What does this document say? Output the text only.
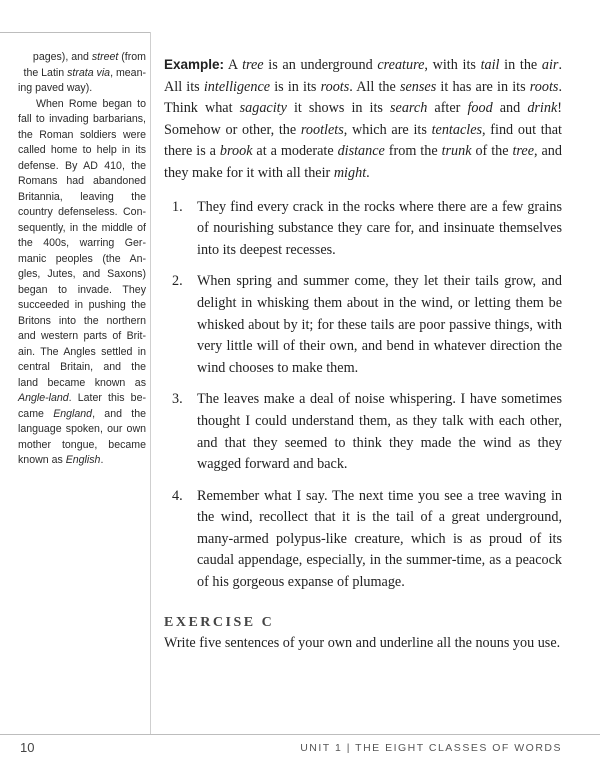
pages), and street (from

the Latin strata via, mean-

ing paved way).

When Rome began to fall to invading barbarians, the Roman soldiers were called home to help in its defense. By AD 410, the Romans had abandoned Britannia, leaving the country defenseless. Con-sequently, in the middle of the 400s, warring Ger-manic peoples (the An-gles, Jutes, and Saxons) began to invade. They succeeded in pushing the Britons into the northern and western parts of Brit-ain. The Angles settled in central Britain, and the land became known as Angle-land. Later this be-came England, and the language spoken, our own mother tongue, became known as English.

Example: A tree is an underground creature, with its tail in the air. All its intelligence is in its roots. All the senses it has are in its roots. Think what sagacity it shows in its search after food and drink! Somehow or other, the rootlets, which are its tentacles, find out that there is a brook at a moderate distance from the trunk of the tree, and they make for it with all their might.

1.	They find every crack in the rocks where there are a few grains of nourishing substance they care for, and insinuate themselves into its deepest recesses.
2.	When spring and summer come, they let their tails grow, and delight in whisking them about in the wind, or letting them be whisked about by it; for these tails are poor passive things, with very little will of their own, and bend in whatever direction the wind chooses to make them.
3.	The leaves make a deal of noise whispering. I have sometimes thought I could understand them, as they talk with each other, and that they seemed to think they made the wind as they wagged forward and back.
4.	Remember what I say. The next time you see a tree waving in the wind, recollect that it is the tail of a great underground, many-armed polypus-like creature, which is as proud of its caudal appendage, especially, in the summer-time, as a peacock of his gorgeous expanse of plumage.
EXERCISE C

Write five sentences of your own and underline all the nouns you use.

10	UNIT 1 | THE EIGHT CLASSES OF WORDS
